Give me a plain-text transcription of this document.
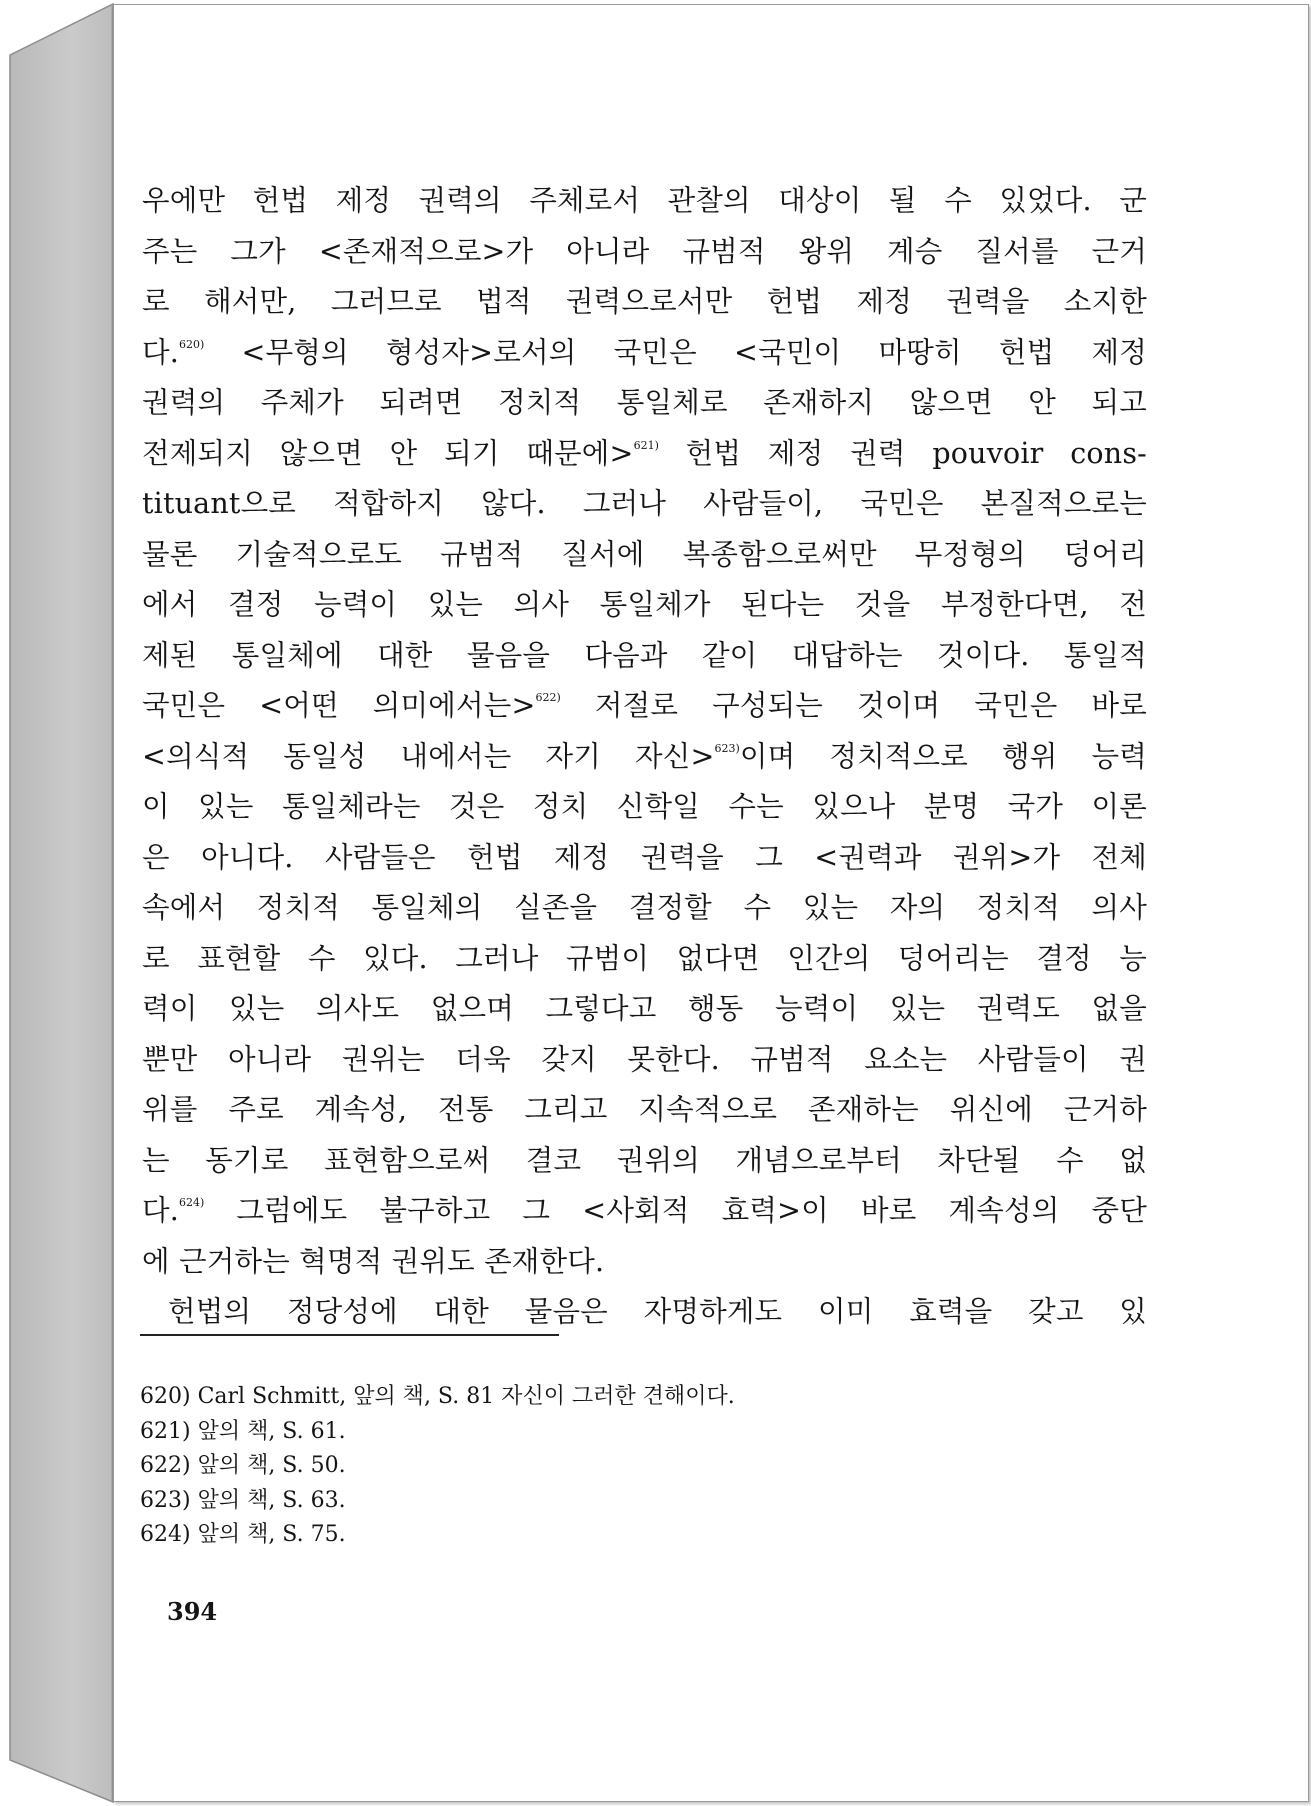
우에만 헌법 제정 권력의 주체로서 관찰의 대상이 될 수 있었다. 군
주는 그가 <존재적으로>가 아니라 규범적 왕위 계승 질서를 근거
로 해서만, 그러므로 법적 권력으로서만 헌법 제정 권력을 소지한
다.$^{620)}$ <무형의 형성자>로서의 국민은 <국민이 마땅히 헌법 제정
권력의 주체가 되려면 정치적 통일체로 존재하지 않으면 안 되고
전제되지 않으면 안 되기 때문에>$^{621)}$ 헌법 제정 권력 pouvoir cons-
tituant으로 적합하지 않다. 그러나 사람들이, 국민은 본질적으로는
물론 기술적으로도 규범적 질서에 복종함으로써만 무정형의 덩어리
에서 결정 능력이 있는 의사 통일체가 된다는 것을 부정한다면, 전
제된 통일체에 대한 물음을 다음과 같이 대답하는 것이다. 통일적
국민은 <어떤 의미에서는>$^{622)}$ 저절로 구성되는 것이며 국민은 바로
<의식적 동일성 내에서는 자기 자신>$^{623)}$이며 정치적으로 행위 능력
이 있는 통일체라는 것은 정치 신학일 수는 있으나 분명 국가 이론
은 아니다. 사람들은 헌법 제정 권력을 그 <권력과 권위>가 전체
속에서 정치적 통일체의 실존을 결정할 수 있는 자의 정치적 의사
로 표현할 수 있다. 그러나 규범이 없다면 인간의 덩어리는 결정 능
력이 있는 의사도 없으며 그렇다고 행동 능력이 있는 권력도 없을
뿐만 아니라 권위는 더욱 갖지 못한다. 규범적 요소는 사람들이 권
위를 주로 계속성, 전통 그리고 지속적으로 존재하는 위신에 근거하
는 동기로 표현함으로써 결코 권위의 개념으로부터 차단될 수 없
다.$^{624)}$ 그럼에도 불구하고 그 <사회적 효력>이 바로 계속성의 중단
에 근거하는 혁명적 권위도 존재한다.
헌법의 정당성에 대한 물음은 자명하게도 이미 효력을 갖고 있
620) Carl Schmitt, 앞의 책, S. 81 자신이 그러한 견해이다.
621) 앞의 책, S. 61.
622) 앞의 책, S. 50.
623) 앞의 책, S. 63.
624) 앞의 책, S. 75.
394
